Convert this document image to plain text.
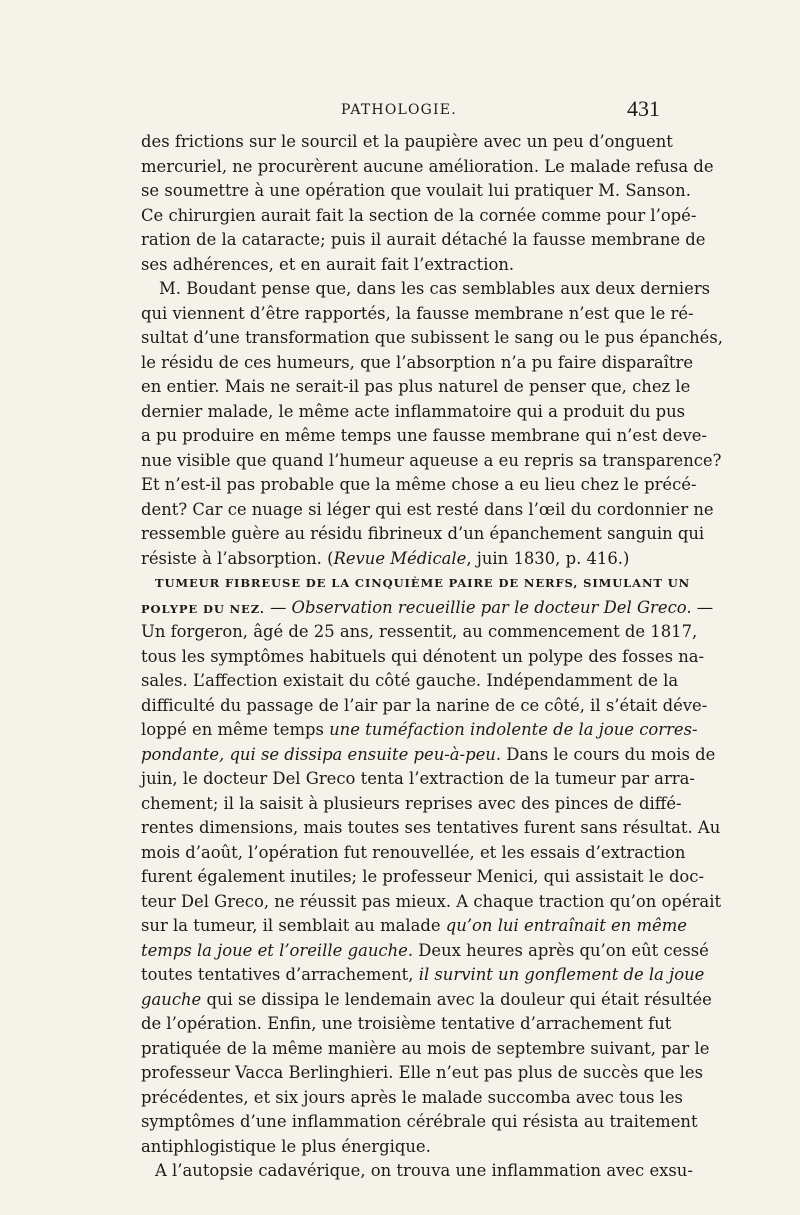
PATHOLOGIE.	431
des frictions sur le sourcil et la paupière avec un peu d’onguent
mercuriel, ne procurèrent aucune amélioration. Le malade refusa de
se soumettre à une opération que voulait lui pratiquer M. Sanson.
Ce chirurgien aurait fait la section de la cornée comme pour l’opé-
ration de la cataracte; puis il aurait détaché la fausse membrane de
ses adhérences, et en aurait fait l’extraction.
M. Boudant pense que, dans les cas semblables aux deux derniers
qui viennent d’être rapportés, la fausse membrane n’est que le ré-
sultat d’une transformation que subissent le sang ou le pus épanchés,
le résidu de ces humeurs, que l’absorption n’a pu faire disparaître
en entier. Mais ne serait-il pas plus naturel de penser que, chez le
dernier malade, le même acte inflammatoire qui a produit du pus
a pu produire en même temps une fausse membrane qui n’est deve-
nue visible que quand l’humeur aqueuse a eu repris sa transparence?
Et n’est-il pas probable que la même chose a eu lieu chez le précé-
dent? Car ce nuage si léger qui est resté dans l’œil du cordonnier ne
ressemble guère au résidu fibrineux d’un épanchement sanguin qui
résiste à l’absorption. (Revue Médicale, juin 1830, p. 416.)
TUMEUR FIBREUSE DE LA CINQUIÈME PAIRE DE NERFS, SIMULANT UN
POLYPE DU NEZ. — Observation recueillie par le docteur Del Greco. —
Un forgeron, âgé de 25 ans, ressentit, au commencement de 1817,
tous les symptômes habituels qui dénotent un polype des fosses na-
sales. L’affection existait du côté gauche. Indépendamment de la
difficulté du passage de l’air par la narine de ce côté, il s’était déve-
loppé en même temps une tuméfaction indolente de la joue corres-
pondante, qui se dissipa ensuite peu-à-peu. Dans le cours du mois de
juin, le docteur Del Greco tenta l’extraction de la tumeur par arra-
chement; il la saisit à plusieurs reprises avec des pinces de diffé-
rentes dimensions, mais toutes ses tentatives furent sans résultat. Au
mois d’août, l’opération fut renouvellée, et les essais d’extraction
furent également inutiles; le professeur Menici, qui assistait le doc-
teur Del Greco, ne réussit pas mieux. A chaque traction qu’on opérait
sur la tumeur, il semblait au malade qu’on lui entraînait en même
temps la joue et l’oreille gauche. Deux heures après qu’on eût cessé
toutes tentatives d’arrachement, il survint un gonflement de la joue
gauche qui se dissipa le lendemain avec la douleur qui était résultée
de l’opération. Enfin, une troisième tentative d’arrachement fut
pratiquée de la même manière au mois de septembre suivant, par le
professeur Vacca Berlinghieri. Elle n’eut pas plus de succès que les
précédentes, et six jours après le malade succomba avec tous les
symptômes d’une inflammation cérébrale qui résista au traitement
antiphlogistique le plus énergique.
A l’autopsie cadavérique, on trouva une inflammation avec exsu-
